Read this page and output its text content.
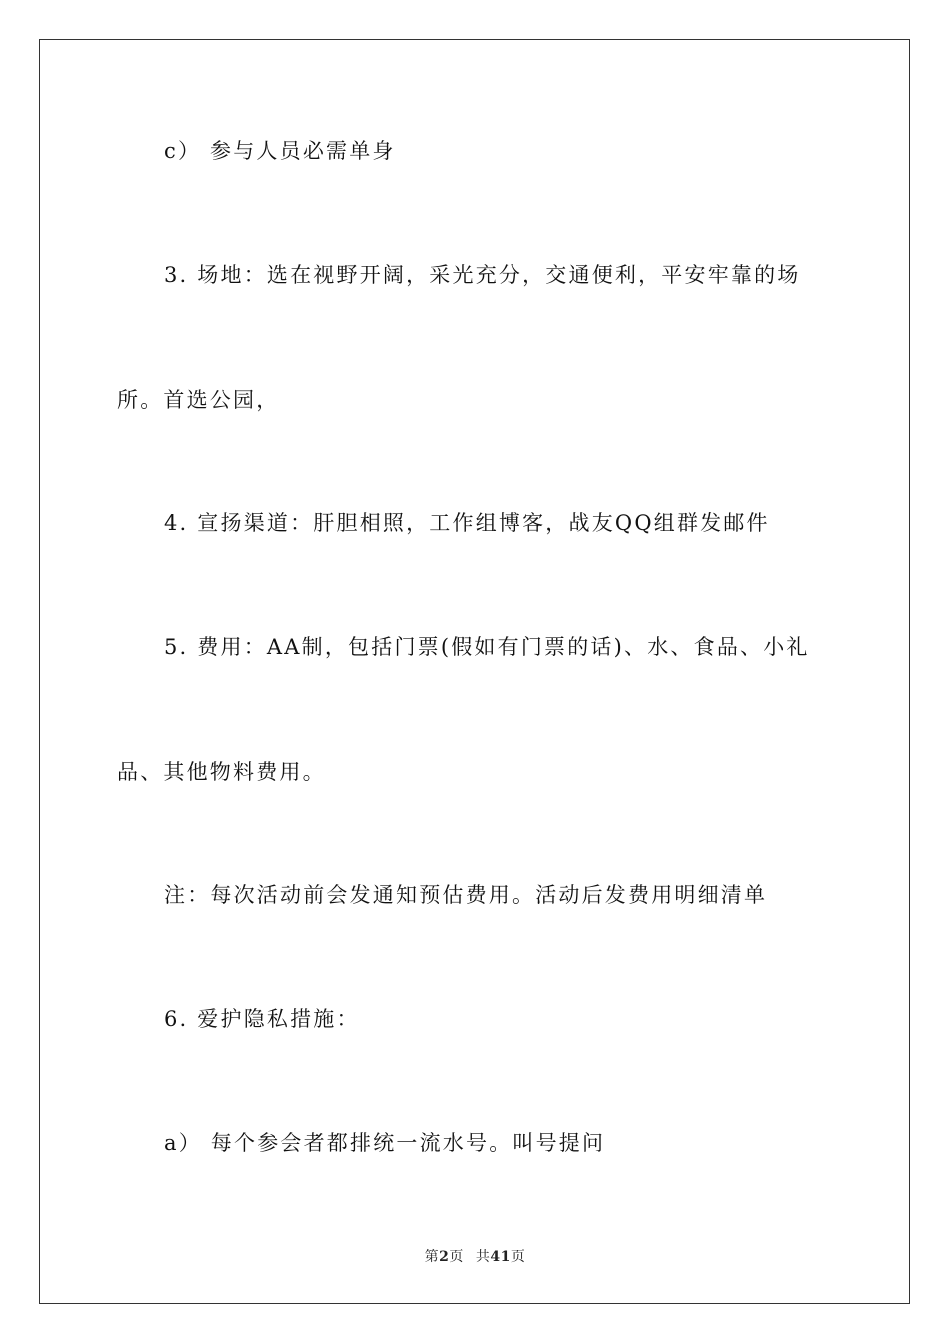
c） 参与人员必需单身
3. 场地：选在视野开阔，采光充分，交通便利，平安牢靠的场
所。首选公园，
4. 宣扬渠道：肝胆相照，工作组博客，战友QQ组群发邮件
5. 费用：AA制，包括门票(假如有门票的话)、水、食品、小礼
品、其他物料费用。
注：每次活动前会发通知预估费用。活动后发费用明细清单
6. 爱护隐私措施：
a） 每个参会者都排统一流水号。叫号提问
第2页 共41页
